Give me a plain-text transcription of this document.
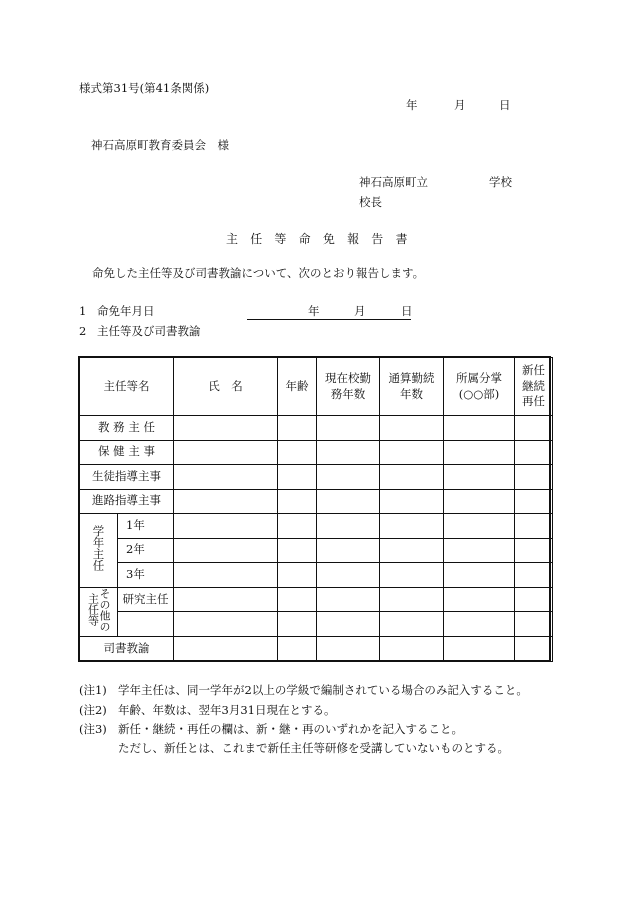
様式第31号(第41条関係)
年	月	日
神石高原町教育委員会　様
神石高原町立	学校
校長
主 任 等 命 免 報 告 書
命免した主任等及び司書教諭について、次のとおり報告します。
1 命免年月日	年	月	日
2 主任等及び司書教諭
主任等名		氏　名	年齢	現在校勤務年数	通算勤続年数	所属分掌(○○部)	新任継続再任
教 務 主 任							
保 健 主 事							
生徒指導主事							
進路指導主事							
学年主任	1年						
	2年						
	3年						
その他の主任等	研究主任						

司書教諭							
(注1) 学年主任は、同一学年が2以上の学級で編制されている場合のみ記入すること。
(注2) 年齢、年数は、翌年3月31日現在とする。
(注3) 新任・継続・再任の欄は、新・継・再のいずれかを記入すること。
ただし、新任とは、これまで新任主任等研修を受講していないものとする。
